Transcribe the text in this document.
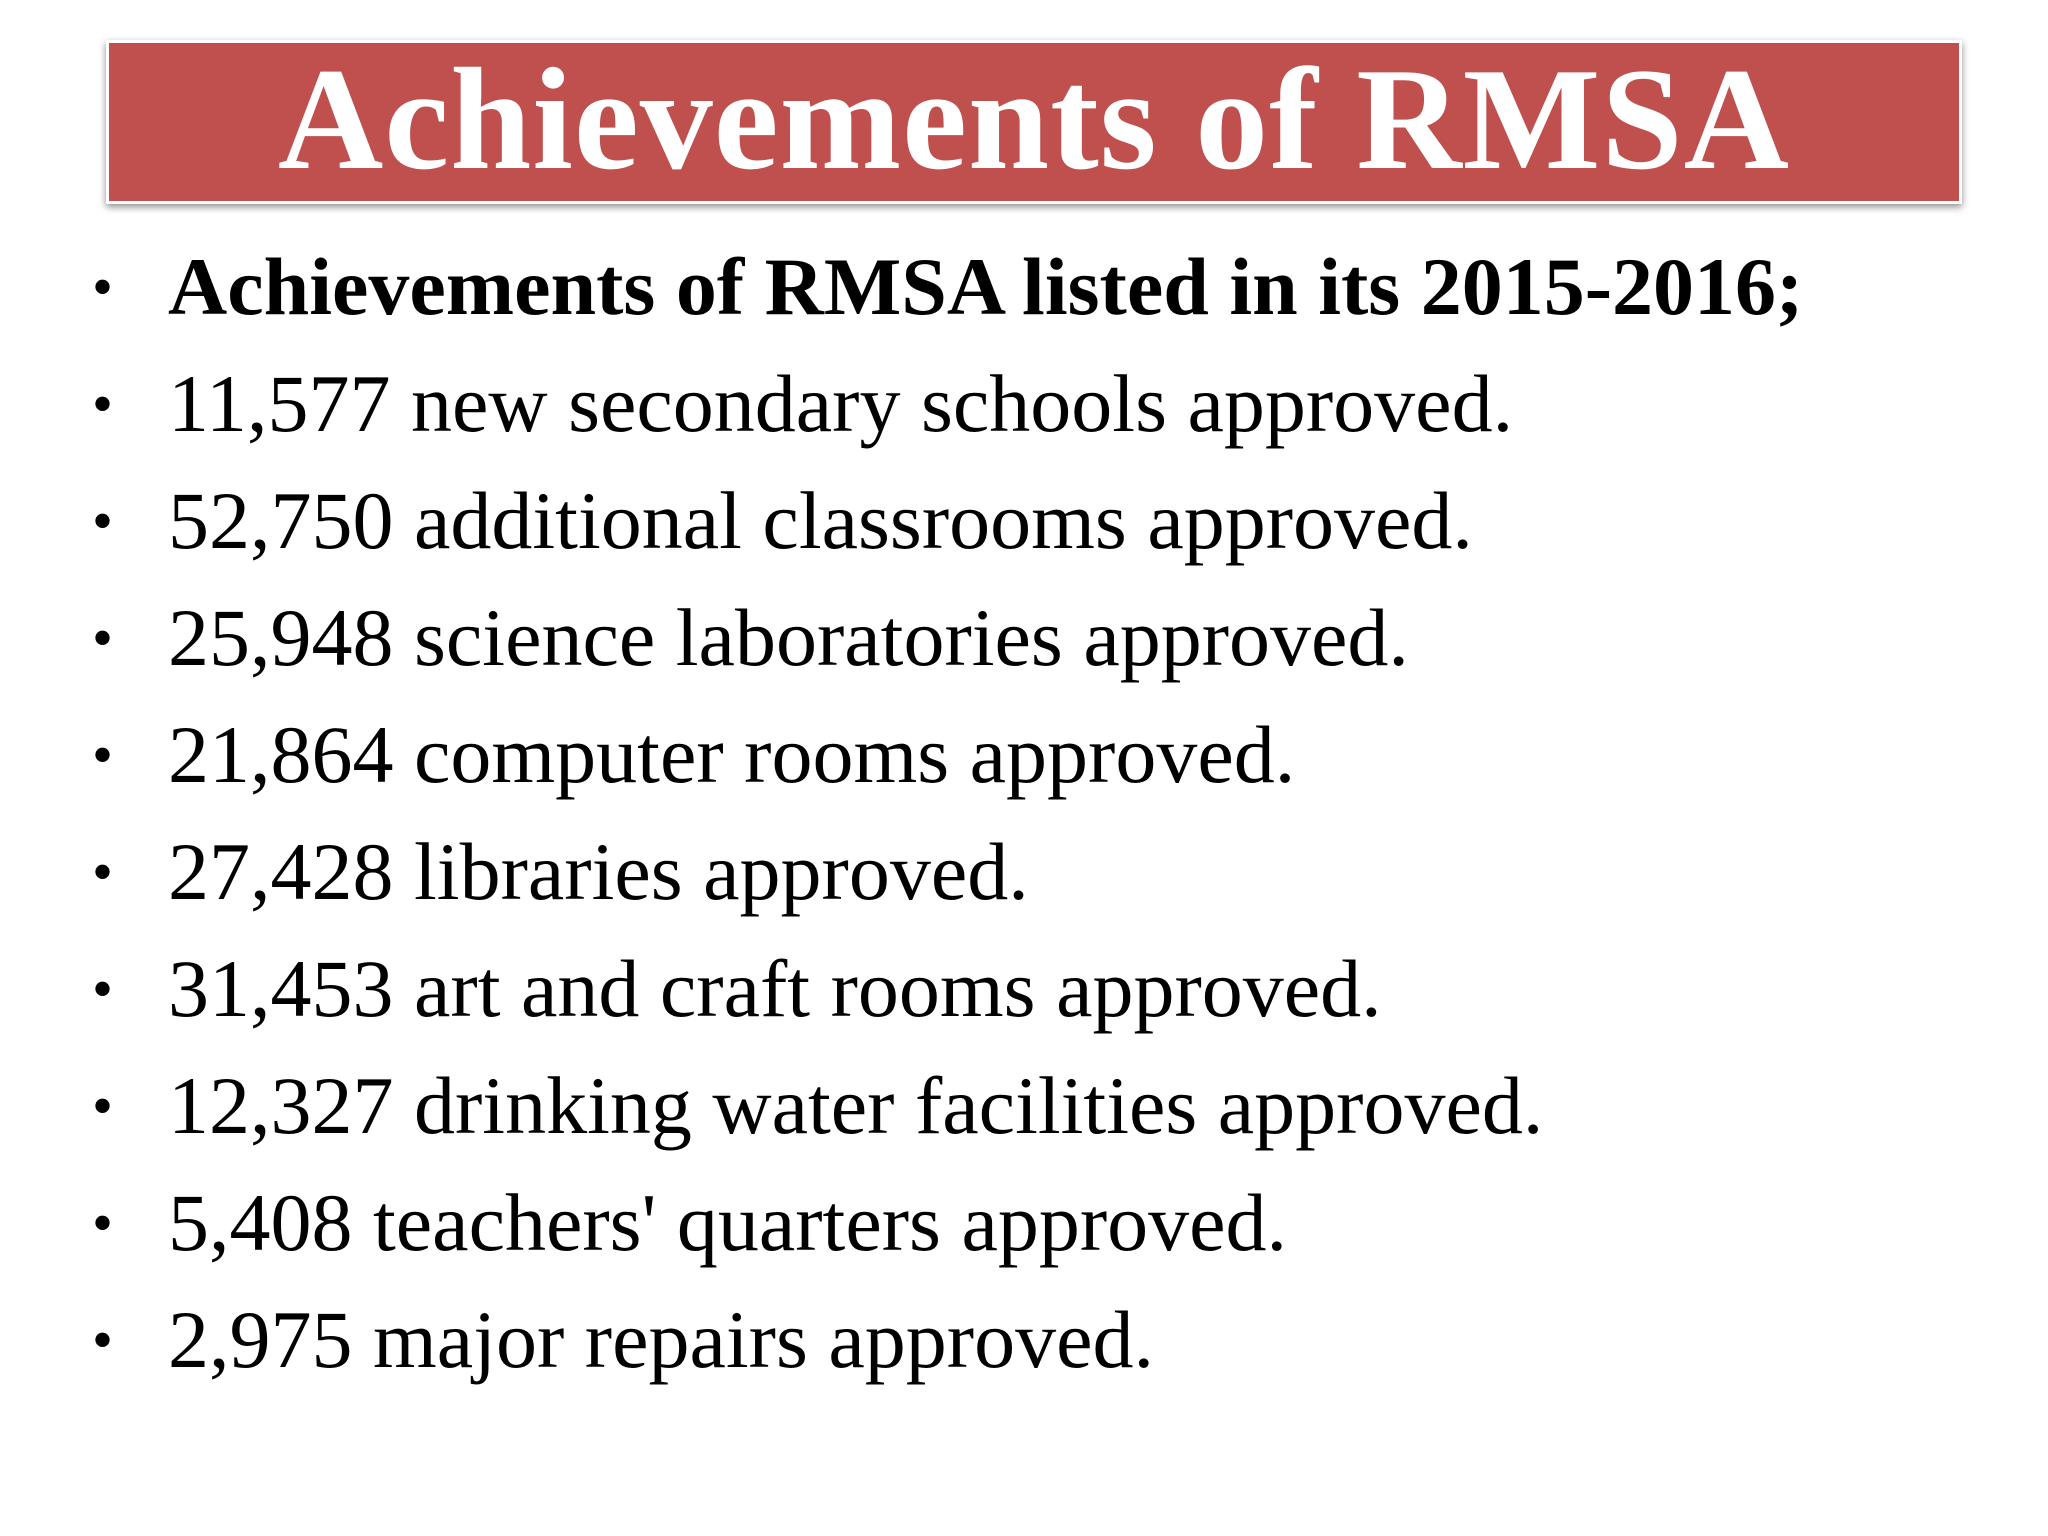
Achievements of RMSA
• Achievements of RMSA listed in its 2015-2016;
• 11,577 new secondary schools approved.
• 52,750 additional classrooms approved.
• 25,948 science laboratories approved.
• 21,864 computer rooms approved.
• 27,428 libraries approved.
• 31,453 art and craft rooms approved.
• 12,327 drinking water facilities approved.
• 5,408 teachers' quarters approved.
• 2,975 major repairs approved.
